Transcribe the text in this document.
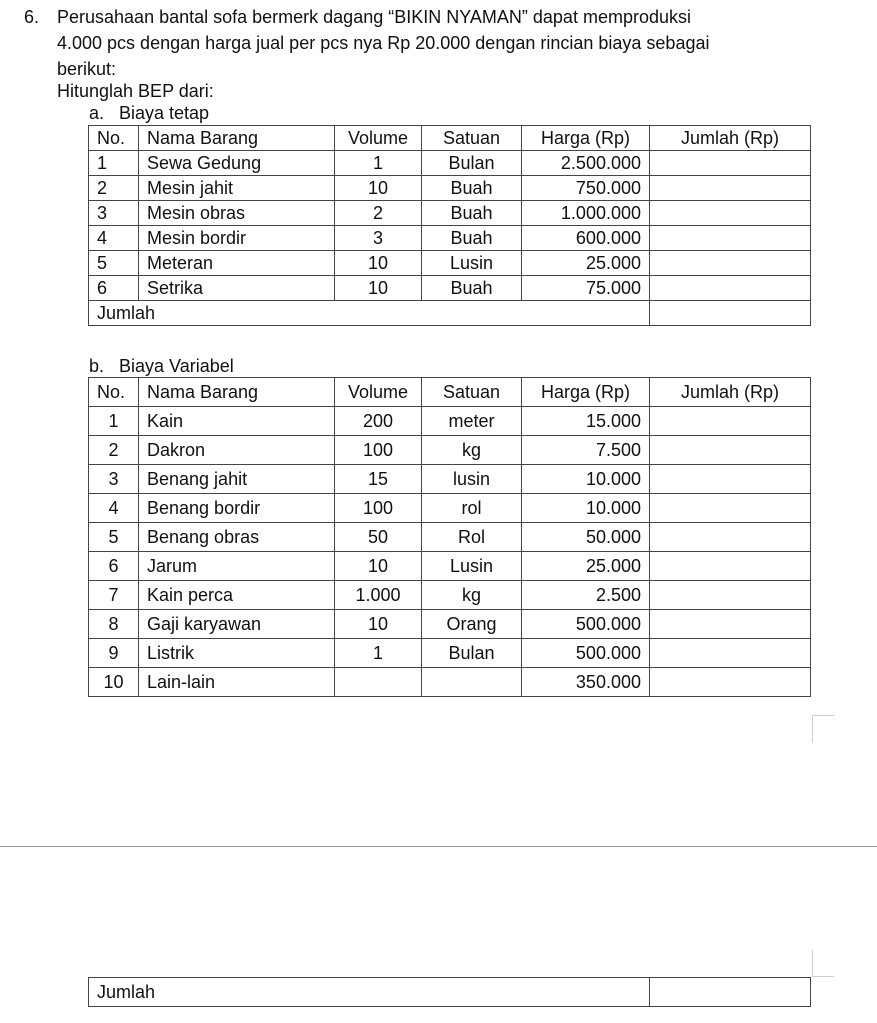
6. Perusahaan bantal sofa bermerk dagang “BIKIN NYAMAN” dapat memproduksi
4.000 pcs dengan harga jual per pcs nya Rp 20.000 dengan rincian biaya sebagai
berikut:

Hitunglah BEP dari:

a. Biaya tetap

No.	Nama Barang	Volume	Satuan	Harga (Rp)	Jumlah (Rp)
1	Sewa Gedung	1	Bulan	2.500.000	
2	Mesin jahit	10	Buah	750.000	
3	Mesin obras	2	Buah	1.000.000	
4	Mesin bordir	3	Buah	600.000	
5	Meteran	10	Lusin	25.000	
6	Setrika	10	Buah	75.000	
Jumlah					

b. Biaya Variabel

No.	Nama Barang	Volume	Satuan	Harga (Rp)	Jumlah (Rp)
1	Kain	200	meter	15.000	
2	Dakron	100	kg	7.500	
3	Benang jahit	15	lusin	10.000	
4	Benang bordir	100	rol	10.000	
5	Benang obras	50	Rol	50.000	
6	Jarum	10	Lusin	25.000	
7	Kain perca	1.000	kg	2.500	
8	Gaji karyawan	10	Orang	500.000	
9	Listrik	1	Bulan	500.000	
10	Lain-lain			350.000	
Jumlah	
